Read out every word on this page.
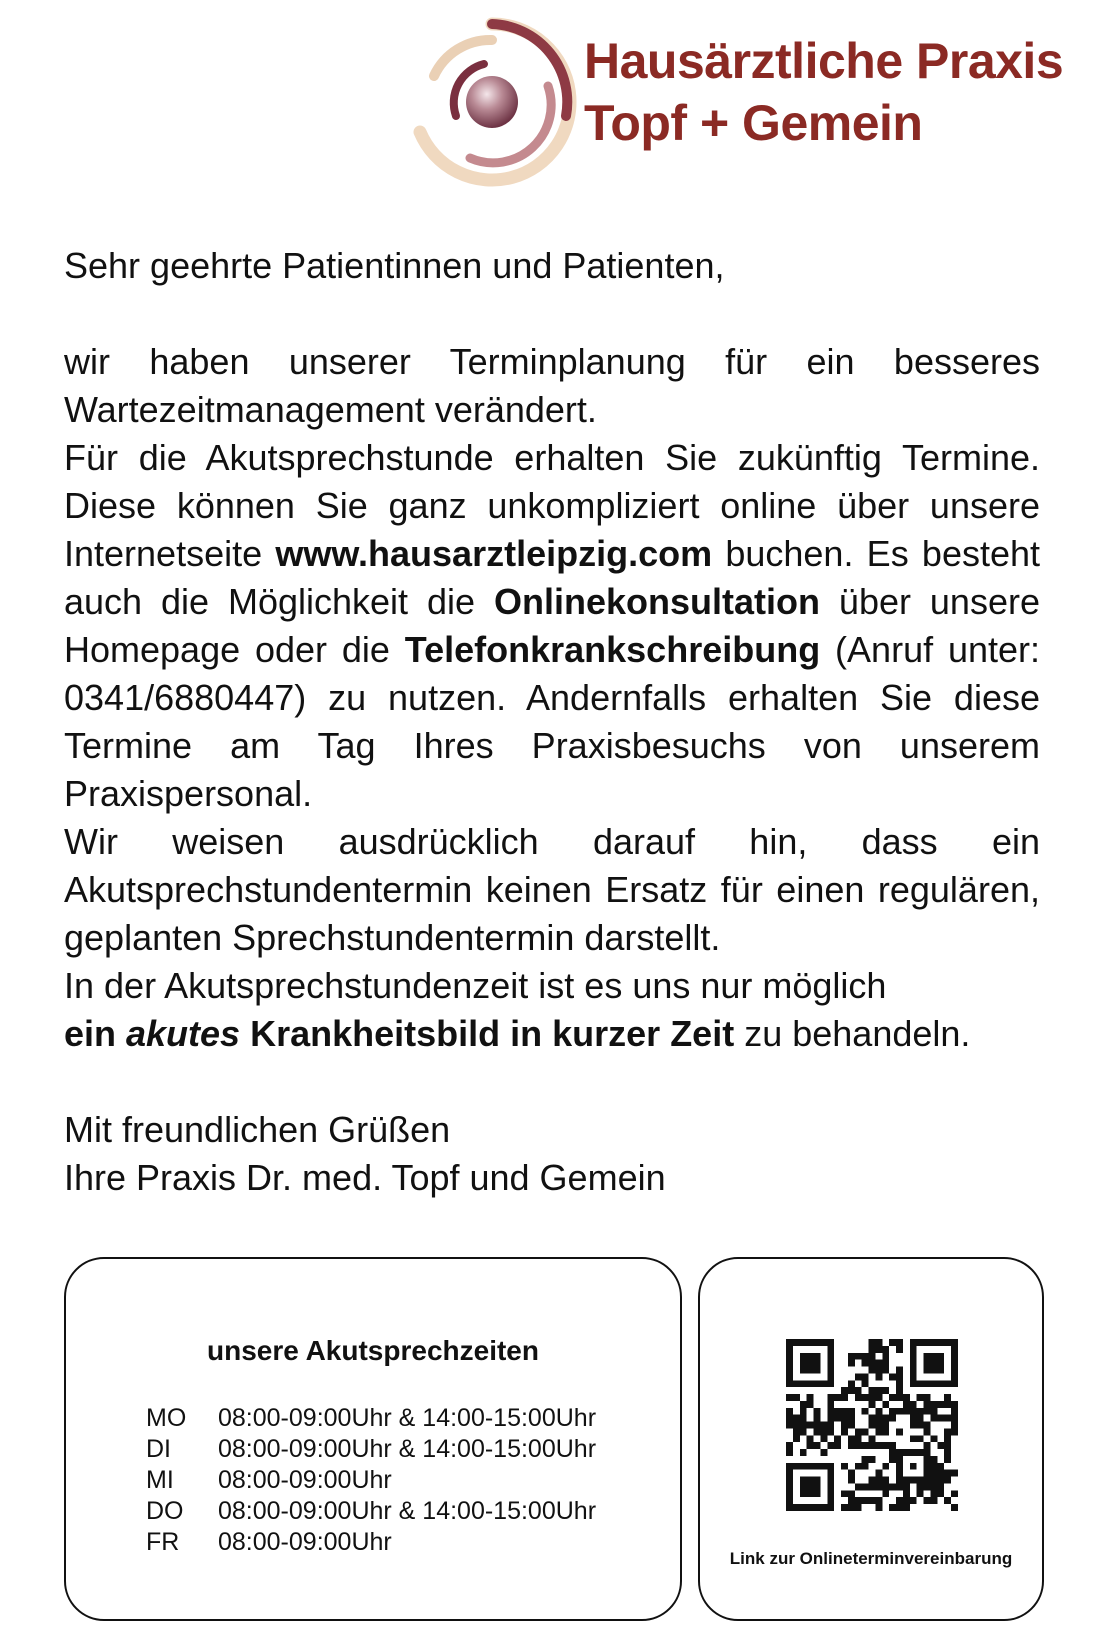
Hausärztliche Praxis
Topf + Gemein

Sehr geehrte Patientinnen und Patienten,

wir haben unserer Terminplanung für ein besseres Wartezeitmanagement verändert.

Für die Akutsprechstunde erhalten Sie zukünftig Termine. Diese können Sie ganz unkompliziert online über unsere Internetseite www.hausarztleipzig.com buchen. Es besteht auch die Möglichkeit die Onlinekonsultation über unsere Homepage oder die Telefonkrankschreibung (Anruf unter: 0341/6880447) zu nutzen. Andernfalls erhalten Sie diese Termine am Tag Ihres Praxisbesuchs von unserem Praxispersonal.

Wir weisen ausdrücklich darauf hin, dass ein Akutsprechstundentermin keinen Ersatz für einen regulären, geplanten Sprechstundentermin darstellt.

In der Akutsprechstundenzeit ist es uns nur möglich

ein akutes Krankheitsbild in kurzer Zeit zu behandeln.

Mit freundlichen Grüßen

Ihre Praxis Dr. med. Topf und Gemein

unsere Akutsprechzeiten
MO	08:00-09:00Uhr & 14:00-15:00Uhr
DI	08:00-09:00Uhr & 14:00-15:00Uhr
MI	08:00-09:00Uhr
DO	08:00-09:00Uhr & 14:00-15:00Uhr
FR	08:00-09:00Uhr
Link zur Onlineterminvereinbarung
